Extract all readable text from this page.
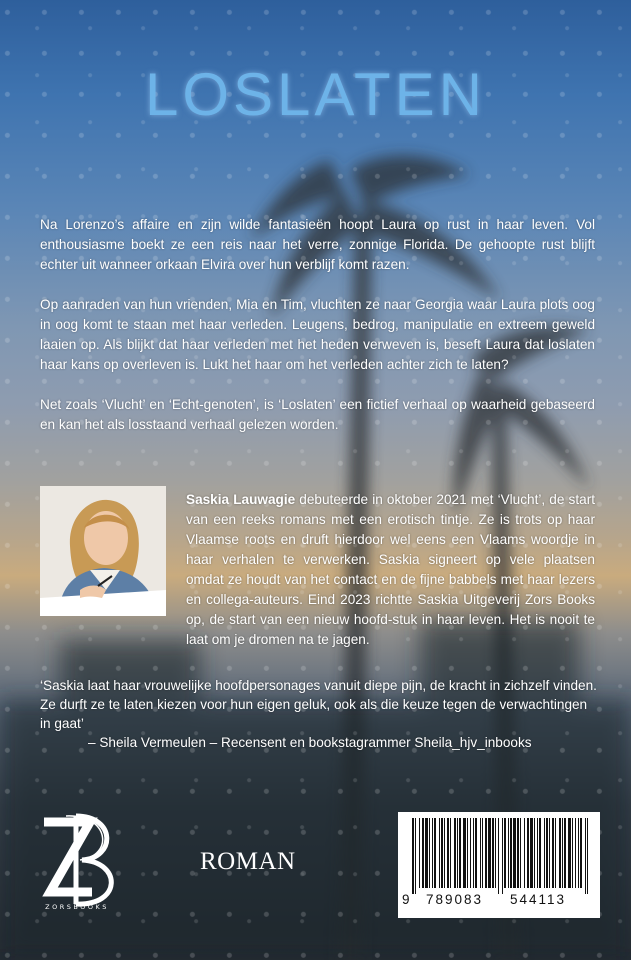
LOSLATEN

Na Lorenzo’s affaire en zijn wilde fantasieën hoopt Laura op rust in haar leven. Vol enthousiasme boekt ze een reis naar het verre, zonnige Florida. De gehoopte rust blijft echter uit wanneer orkaan Elvira over hun verblijf komt razen.

Op aanraden van hun vrienden, Mia en Tim, vluchten ze naar Georgia waar Laura plots oog in oog komt te staan met haar verleden. Leugens, bedrog, manipulatie en extreem geweld laaien op. Als blijkt dat haar verleden met het heden verweven is, beseft Laura dat loslaten haar kans op overleven is. Lukt het haar om het verleden achter zich te laten?

Net zoals ‘Vlucht’ en ‘Echt-genoten’, is ‘Loslaten’ een fictief verhaal op waarheid gebaseerd en kan het als losstaand verhaal gelezen worden.

Saskia Lauwagie debuteerde in oktober 2021 met ‘Vlucht’, de start van een reeks romans met een erotisch tintje. Ze is trots op haar Vlaamse roots en druft hierdoor wel eens een Vlaams woordje in haar verhalen te verwerken. Saskia signeert op vele plaatsen omdat ze houdt van het contact en de fijne babbels met haar lezers en collega-auteurs. Eind 2023 richtte Saskia Uitgeverij Zors Books op, de start van een nieuw hoofd-stuk in haar leven. Het is nooit te laat om je dromen na te jagen.

‘Saskia laat haar vrouwelijke hoofdpersonages vanuit diepe pijn, de kracht in zichzelf vinden. Ze durft ze te laten kiezen voor hun eigen geluk, ook als die keuze tegen de verwachtingen in gaat’
– Sheila Vermeulen – Recensent en bookstagrammer Sheila_hjv_inbooks

ZORSBOOKS

ROMAN

9 789083 544113
